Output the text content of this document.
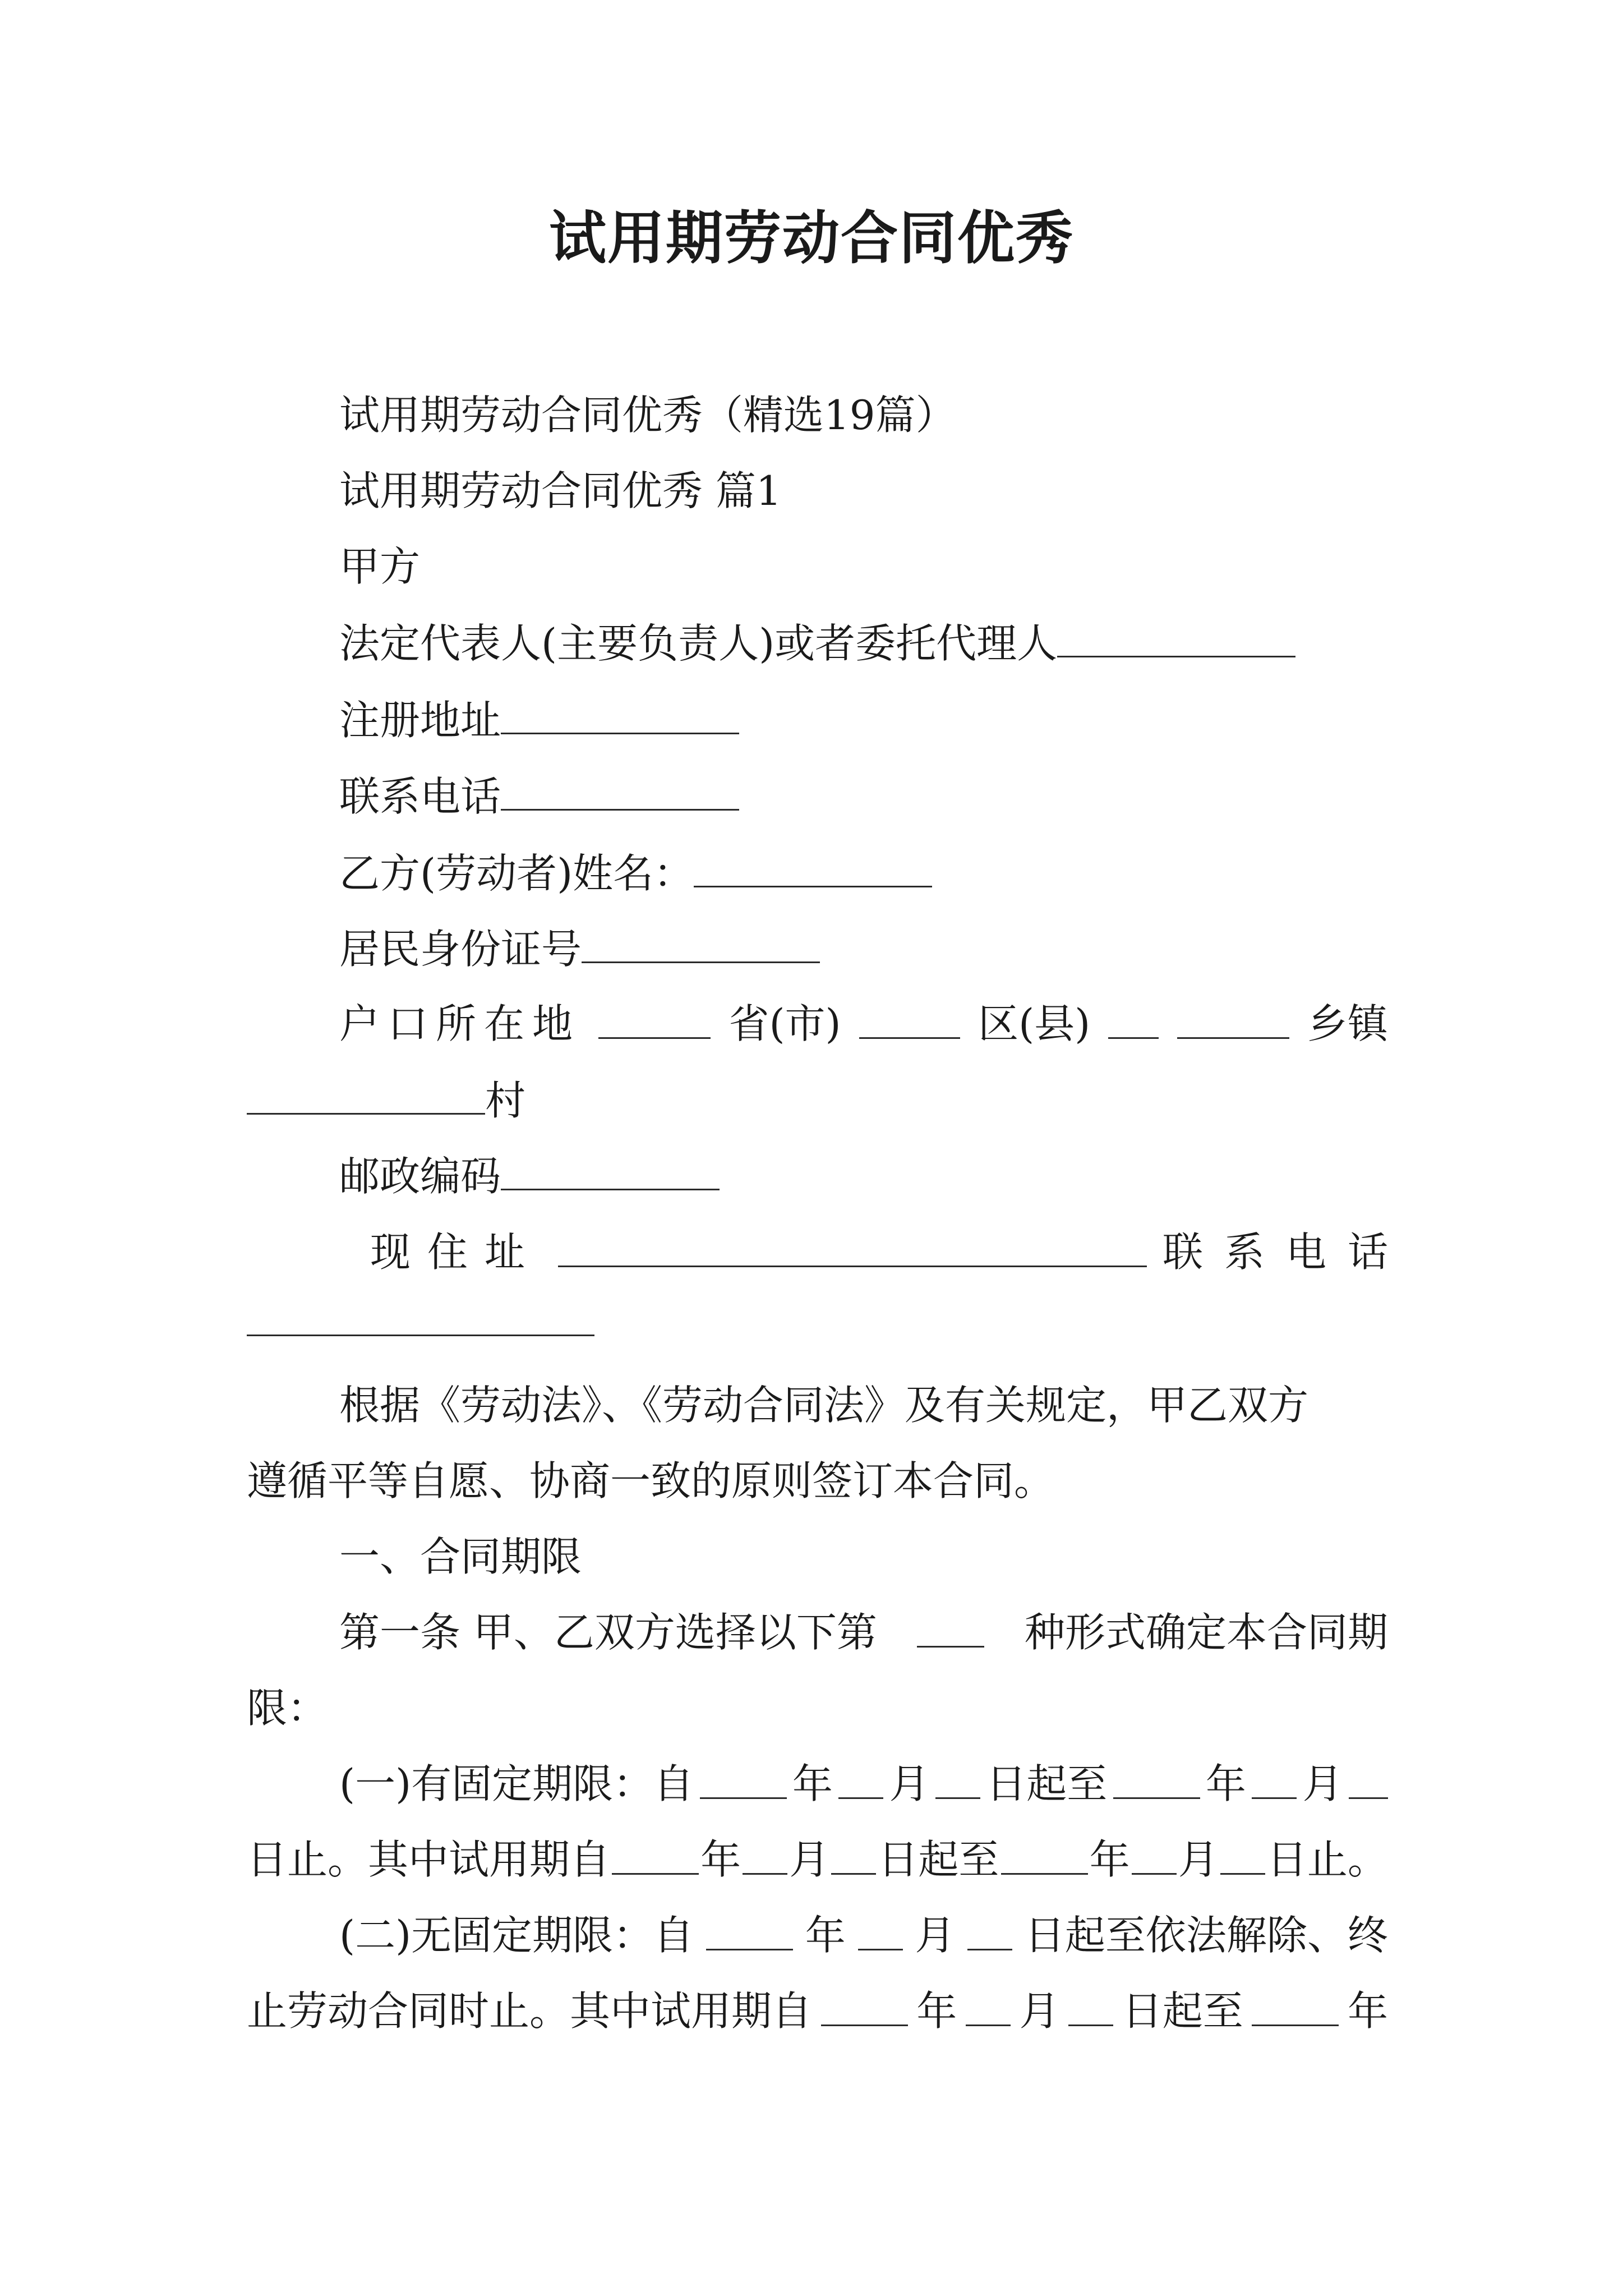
试用期劳动合同优秀
试用期劳动合同优秀（精选19篇）
试用期劳动合同优秀 篇1
甲方
法定代表人(主要负责人)或者委托代理人
注册地址
联系电话
乙方(劳动者)姓名：
居民身份证号
户口所在地	省(市)	区(县)	乡镇
村
邮政编码
现住址	联系电话
根据《劳动法》、《劳动合同法》及有关规定，甲乙双方
遵循平等自愿、协商一致的原则签订本合同。
一、合同期限
第一条 甲、乙双方选择以下第	种形式确定本合同期
限：
(一)有固定期限：自 年 月 日起至 年 月
日止。其中试用期自 年 月 日起至 年 月 日止。
(二)无固定期限：自	年 月 日起至依法解除、终
止劳动合同时止。其中试用期自	年 月 日起至	年
